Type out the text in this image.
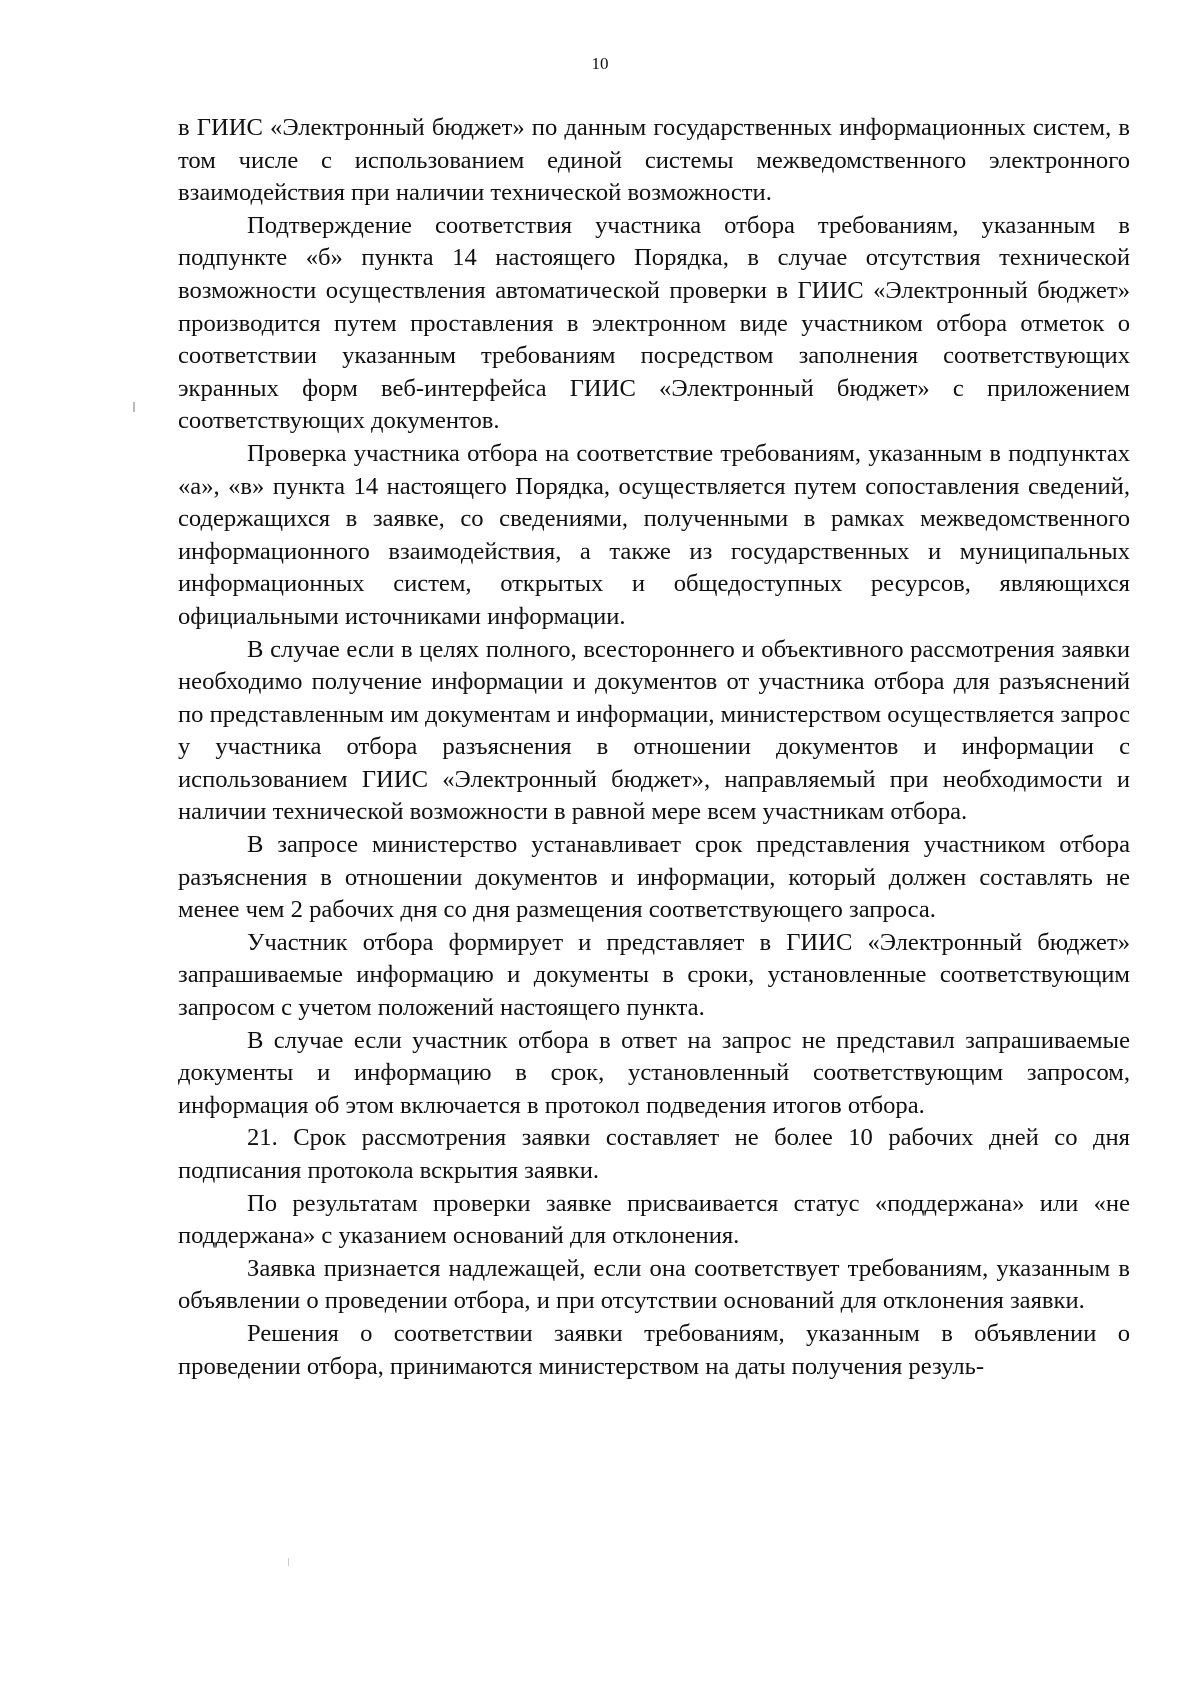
10

в ГИИС «Электронный бюджет» по данным государственных информационных систем, в том числе с использованием единой системы межведомственного электронного взаимодействия при наличии технической возможности.

Подтверждение соответствия участника отбора требованиям, указанным в подпункте «б» пункта 14 настоящего Порядка, в случае отсутствия технической возможности осуществления автоматической проверки в ГИИС «Электронный бюджет» производится путем проставления в электронном виде участником отбора отметок о соответствии указанным требованиям посредством заполнения соответствующих экранных форм веб-интерфейса ГИИС «Электронный бюджет» с приложением соответствующих документов.

Проверка участника отбора на соответствие требованиям, указанным в подпунктах «а», «в» пункта 14 настоящего Порядка, осуществляется путем сопоставления сведений, содержащихся в заявке, со сведениями, полученными в рамках межведомственного информационного взаимодействия, а также из государственных и муниципальных информационных систем, открытых и общедоступных ресурсов, являющихся официальными источниками информации.

В случае если в целях полного, всестороннего и объективного рассмотрения заявки необходимо получение информации и документов от участника отбора для разъяснений по представленным им документам и информации, министерством осуществляется запрос у участника отбора разъяснения в отношении документов и информации с использованием ГИИС «Электронный бюджет», направляемый при необходимости и наличии технической возможности в равной мере всем участникам отбора.

В запросе министерство устанавливает срок представления участником отбора разъяснения в отношении документов и информации, который должен составлять не менее чем 2 рабочих дня со дня размещения соответствующего запроса.

Участник отбора формирует и представляет в ГИИС «Электронный бюджет» запрашиваемые информацию и документы в сроки, установленные соответствующим запросом с учетом положений настоящего пункта.

В случае если участник отбора в ответ на запрос не представил запрашиваемые документы и информацию в срок, установленный соответствующим запросом, информация об этом включается в протокол подведения итогов отбора.

21. Срок рассмотрения заявки составляет не более 10 рабочих дней со дня подписания протокола вскрытия заявки.

По результатам проверки заявке присваивается статус «поддержана» или «не поддержана» с указанием оснований для отклонения.

Заявка признается надлежащей, если она соответствует требованиям, указанным в объявлении о проведении отбора, и при отсутствии оснований для отклонения заявки.

Решения о соответствии заявки требованиям, указанным в объявлении о проведении отбора, принимаются министерством на даты получения резуль-
